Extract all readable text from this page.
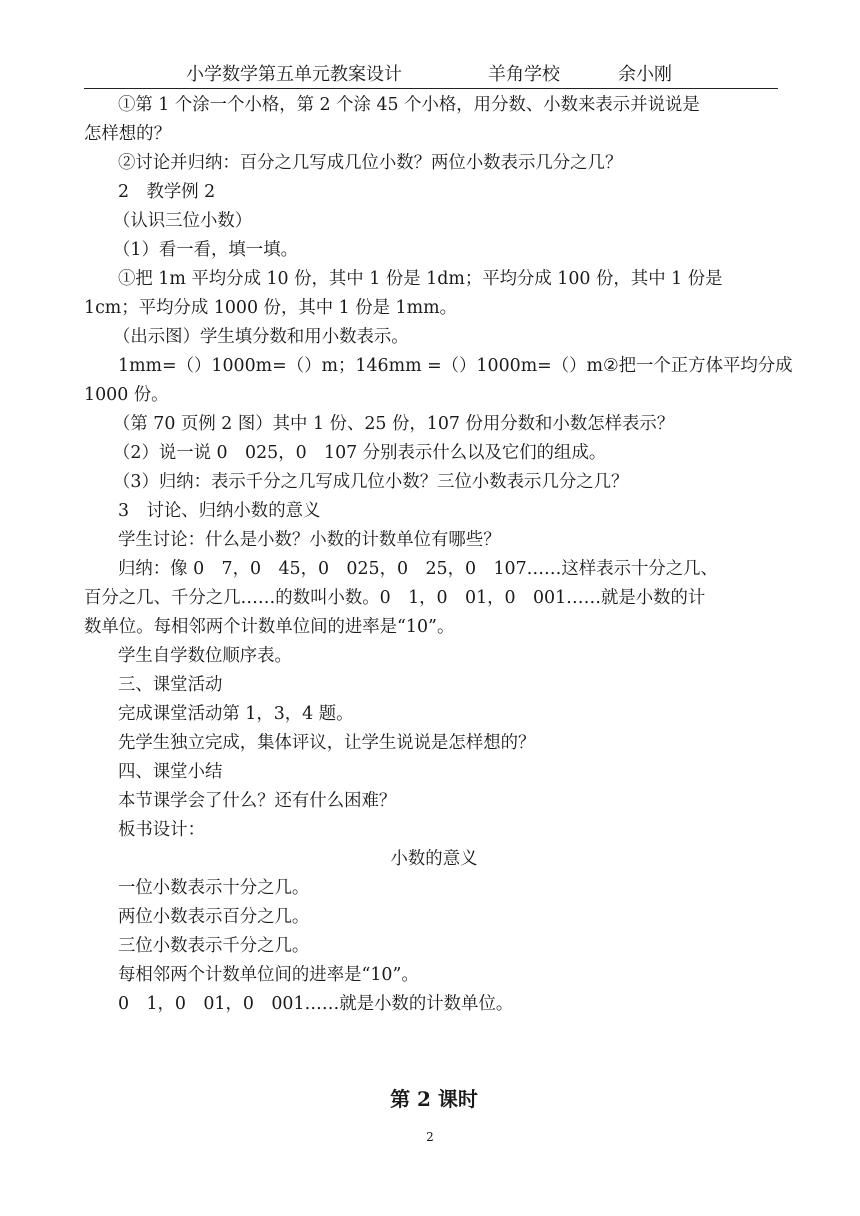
小学数学第五单元教案设计	羊角学校	余小刚

①第 1 个涂一个小格，第 2 个涂 45 个小格，用分数、小数来表示并说说是

怎样想的？

②讨论并归纳：百分之几写成几位小数？两位小数表示几分之几？

2　教学例 2

（认识三位小数）

（1）看一看，填一填。

①把 1m 平均分成 10 份，其中 1 份是 1dm；平均分成 100 份，其中 1 份是

1cm；平均分成 1000 份，其中 1 份是 1mm。

（出示图）学生填分数和用小数表示。

1mm=（）1000m=（）m；146mm =（）1000m=（）m②把一个正方体平均分成

1000 份。

（第 70 页例 2 图）其中 1 份、25 份，107 份用分数和小数怎样表示？

（2）说一说 0　025，0　107 分别表示什么以及它们的组成。

（3）归纳：表示千分之几写成几位小数？三位小数表示几分之几？

3　讨论、归纳小数的意义

学生讨论：什么是小数？小数的计数单位有哪些？

归纳：像 0　7，0　45，0　025，0　25，0　107……这样表示十分之几、

百分之几、千分之几……的数叫小数。0　1，0　01，0　001……就是小数的计

数单位。每相邻两个计数单位间的进率是“10”。

学生自学数位顺序表。

三、课堂活动

完成课堂活动第 1，3，4 题。

先学生独立完成，集体评议，让学生说说是怎样想的？

四、课堂小结

本节课学会了什么？还有什么困难？

板书设计：

小数的意义

一位小数表示十分之几。

两位小数表示百分之几。

三位小数表示千分之几。

每相邻两个计数单位间的进率是“10”。

0　1，0　01，0　001……就是小数的计数单位。

第 2 课时

2
